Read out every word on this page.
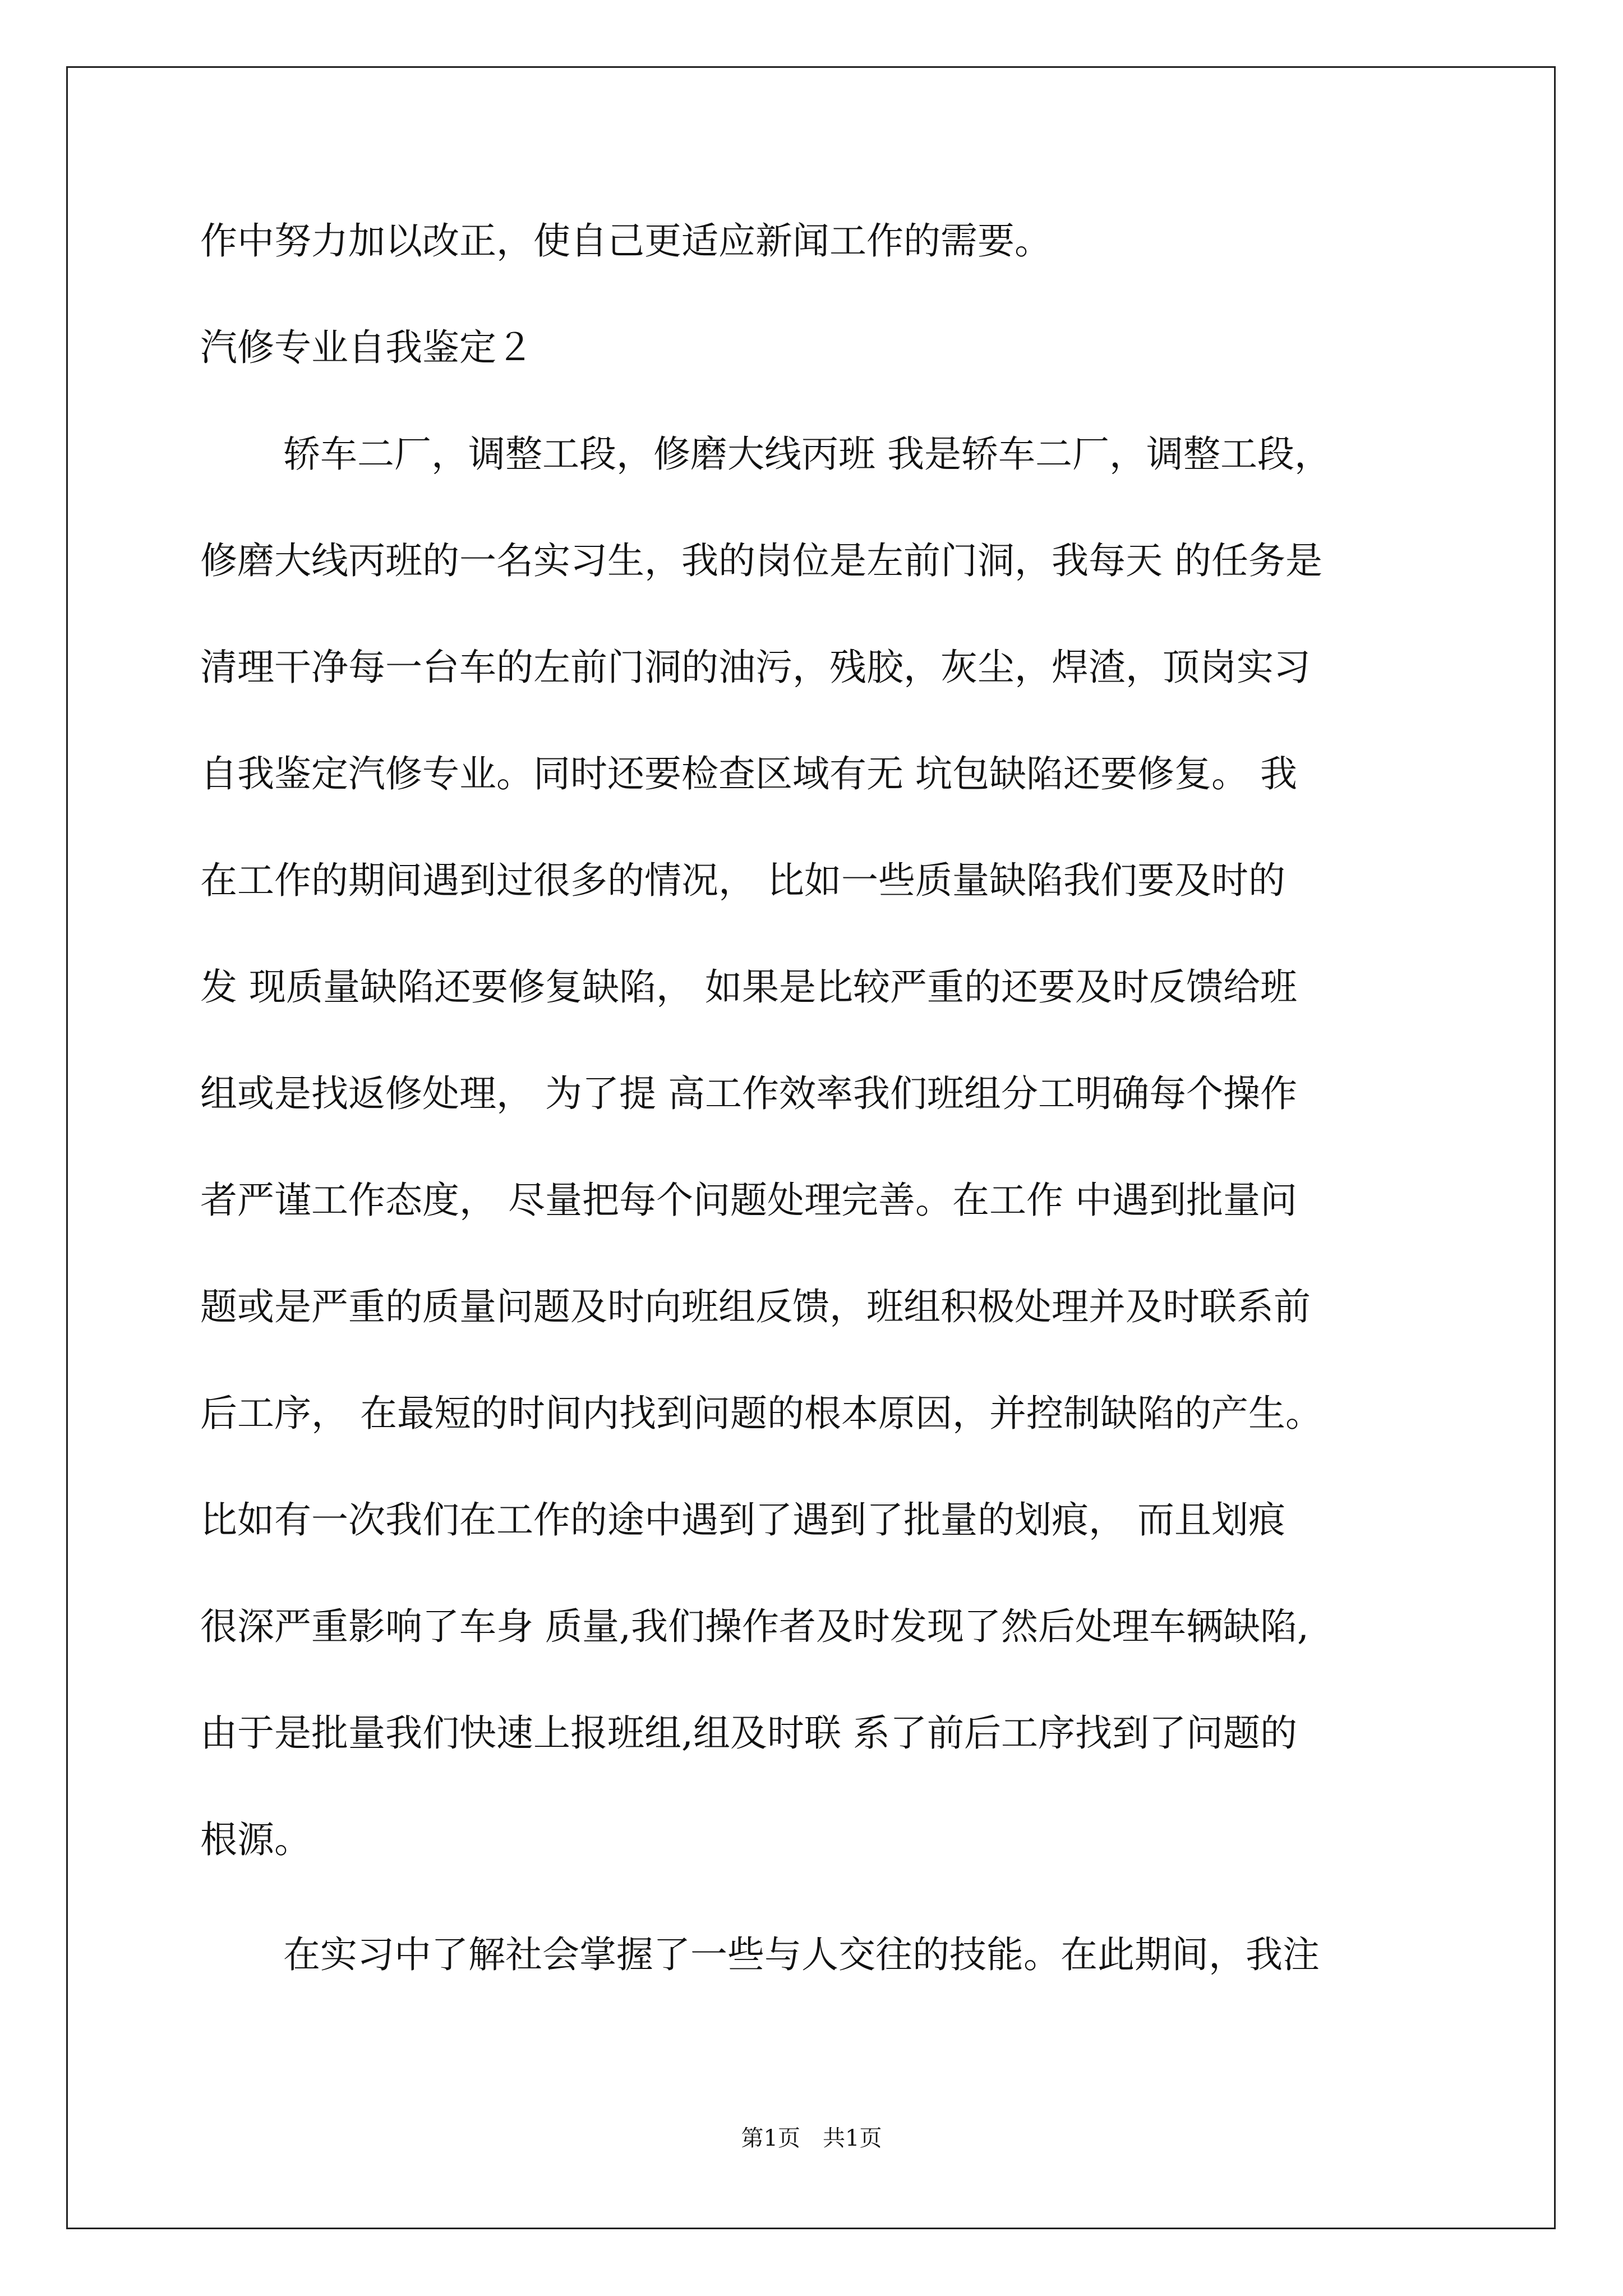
作中努力加以改正，使自己更适应新闻工作的需要。
汽修专业自我鉴定２
轿车二厂，调整工段，修磨大线丙班 我是轿车二厂，调整工段，
修磨大线丙班的一名实习生，我的岗位是左前门洞，我每天 的任务是
清理干净每一台车的左前门洞的油污，残胶，灰尘，焊渣，顶岗实习
自我鉴定汽修专业。同时还要检查区域有无 坑包缺陷还要修复。 我
在工作的期间遇到过很多的情况， 比如一些质量缺陷我们要及时的
发 现质量缺陷还要修复缺陷， 如果是比较严重的还要及时反馈给班
组或是找返修处理， 为了提 高工作效率我们班组分工明确每个操作
者严谨工作态度， 尽量把每个问题处理完善。在工作 中遇到批量问
题或是严重的质量问题及时向班组反馈，班组积极处理并及时联系前
后工序， 在最短的时间内找到问题的根本原因，并控制缺陷的产生。
比如有一次我们在工作的途中遇到了遇到了批量的划痕， 而且划痕
很深严重影响了车身 质量,我们操作者及时发现了然后处理车辆缺陷,
由于是批量我们快速上报班组,组及时联 系了前后工序找到了问题的
根源。
在实习中了解社会掌握了一些与人交往的技能。在此期间，我注
第1页　共1页
